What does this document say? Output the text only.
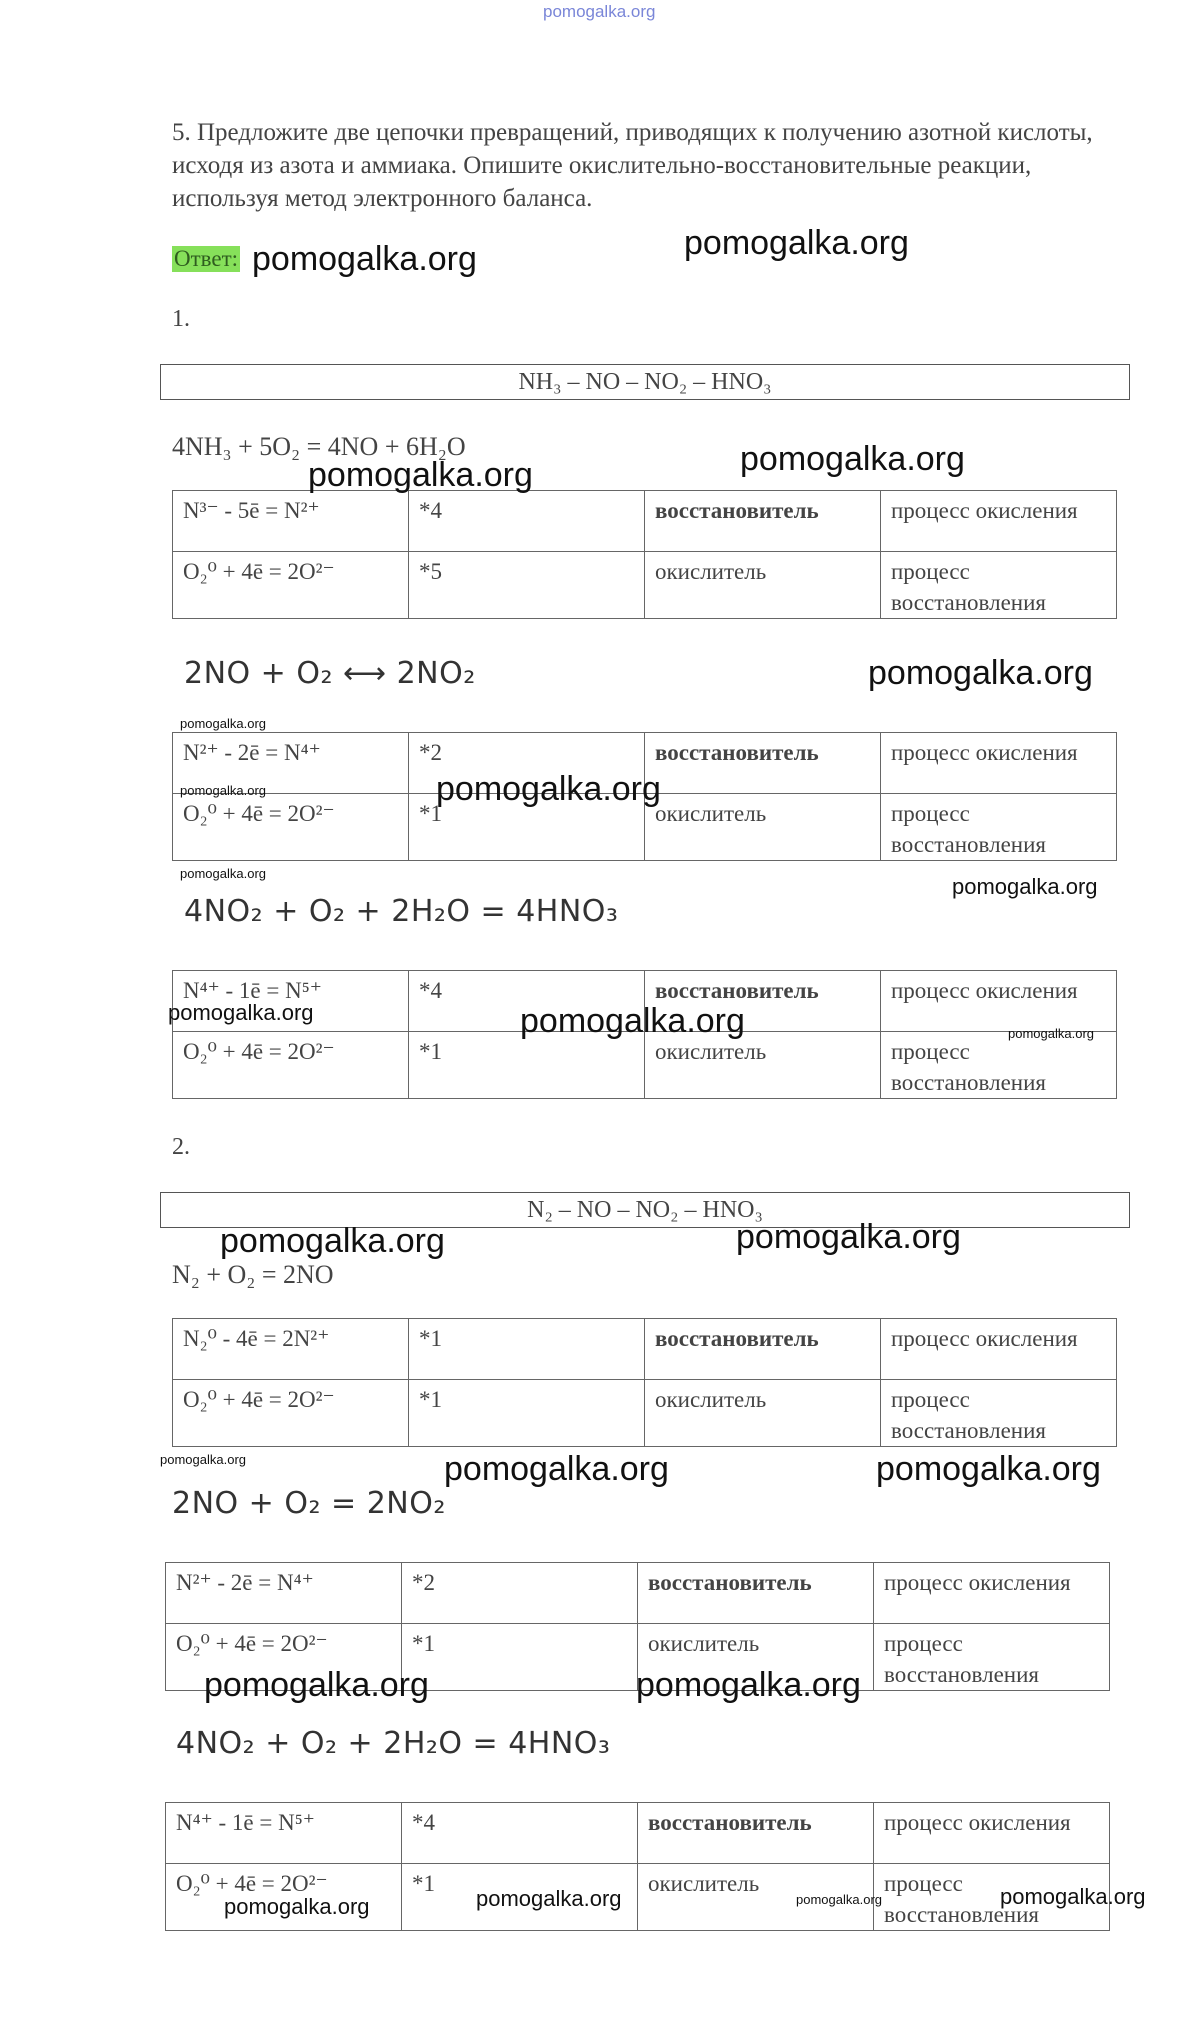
pomogalka.org
5. Предложите две цепочки превращений, приводящих к получению азотной кислоты, исходя из азота и аммиака. Опишите окислительно-восстановительные реакции, используя метод электронного баланса.
Ответ:
1.
NH₃ – NO – NO₂ – HNO₃
4NH₃ + 5O₂ = 4NO + 6H₂O
N³⁻ - 5ē = N²⁺	*4	восстановитель	процесс окисления
O₂⁰ + 4ē = 2O²⁻	*5	окислитель	процесс восстановления
2NO + O₂ ⟷ 2NO₂
N²⁺ - 2ē = N⁴⁺	*2	восстановитель	процесс окисления
O₂⁰ + 4ē = 2O²⁻	*1	окислитель	процесс восстановления
4NO₂ + O₂ + 2H₂O = 4HNO₃
N⁴⁺ - 1ē = N⁵⁺	*4	восстановитель	процесс окисления
O₂⁰ + 4ē = 2O²⁻	*1	окислитель	процесс восстановления
2.
N₂ – NO – NO₂ – HNO₃
N₂ + O₂ = 2NO
N₂⁰ - 4ē = 2N²⁺	*1	восстановитель	процесс окисления
O₂⁰ + 4ē = 2O²⁻	*1	окислитель	процесс восстановления
2NO + O₂ = 2NO₂
N²⁺ - 2ē = N⁴⁺	*2	восстановитель	процесс окисления
O₂⁰ + 4ē = 2O²⁻	*1	окислитель	процесс восстановления
4NO₂ + O₂ + 2H₂O = 4HNO₃
N⁴⁺ - 1ē = N⁵⁺	*4	восстановитель	процесс окисления
O₂⁰ + 4ē = 2O²⁻	*1	окислитель	процесс восстановления
pomogalka.org	pomogalka.org
pomogalka.org
pomogalka.org
pomogalka.org
pomogalka.org
pomogalka.org	pomogalka.org
pomogalka.org
pomogalka.org
pomogalka.org	pomogalka.org	pomogalka.org
pomogalka.org	pomogalka.org
pomogalka.org	pomogalka.org	pomogalka.org
pomogalka.org	pomogalka.org
pomogalka.org	pomogalka.org	pomogalka.org	pomogalka.org
